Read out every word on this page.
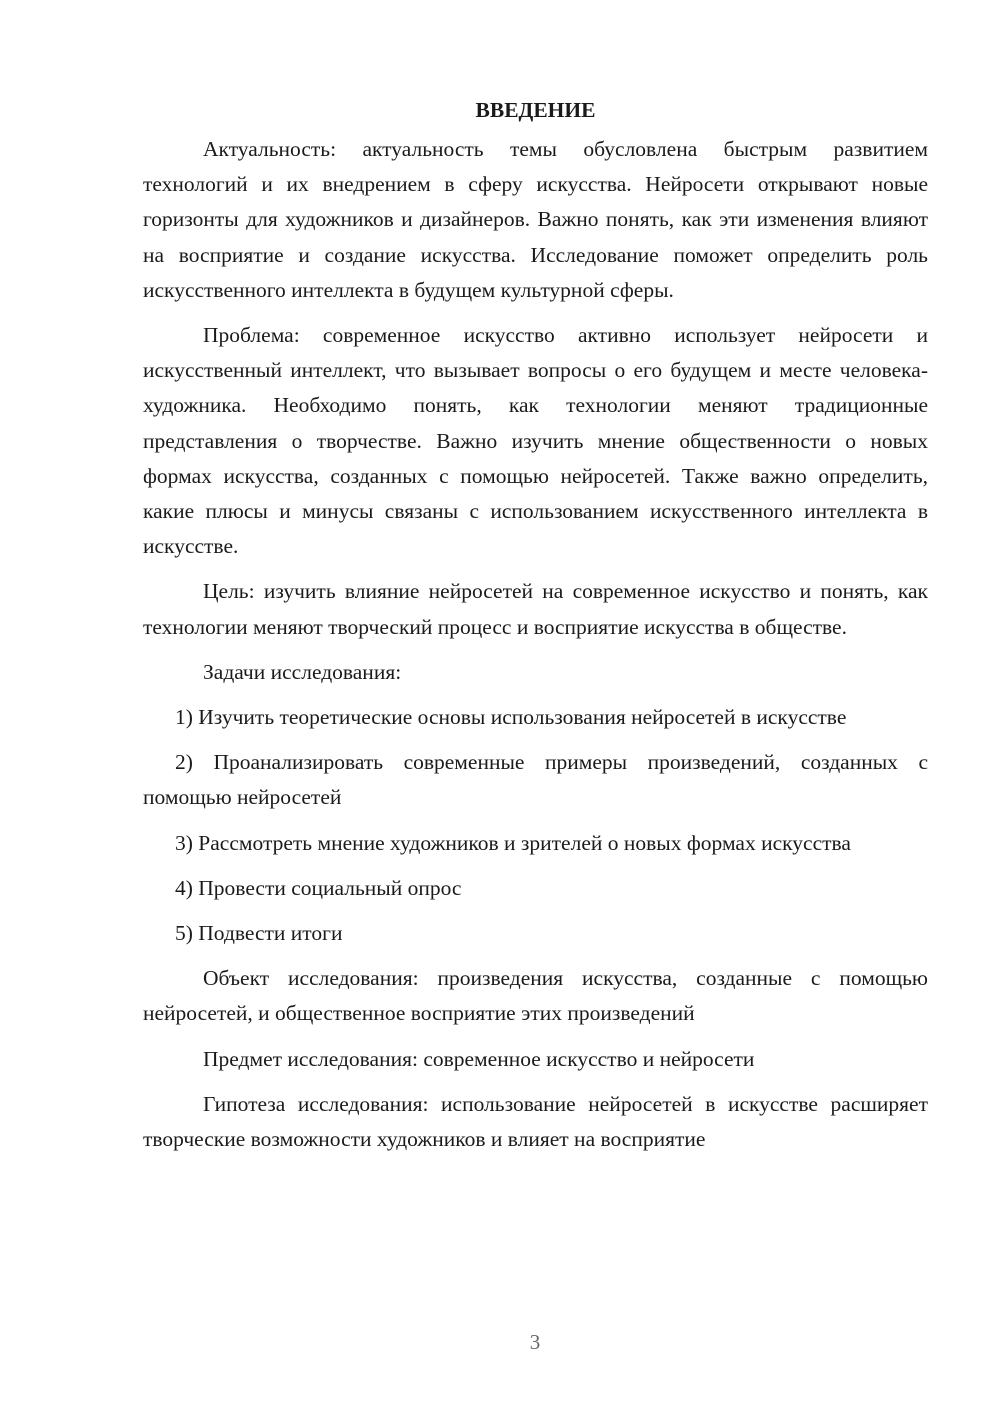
ВВЕДЕНИЕ

Актуальность: актуальность темы обусловлена быстрым развитием технологий и их внедрением в сферу искусства. Нейросети открывают новые горизонты для художников и дизайнеров. Важно понять, как эти изменения влияют на восприятие и создание искусства. Исследование поможет определить роль искусственного интеллекта в будущем культурной сферы.

Проблема: современное искусство активно использует нейросети и искусственный интеллект, что вызывает вопросы о его будущем и месте человека-художника. Необходимо понять, как технологии меняют традиционные представления о творчестве. Важно изучить мнение общественности о новых формах искусства, созданных с помощью нейросетей. Также важно определить, какие плюсы и минусы связаны с использованием искусственного интеллекта в искусстве.

Цель: изучить влияние нейросетей на современное искусство и понять, как технологии меняют творческий процесс и восприятие искусства в обществе.

Задачи исследования:

1) Изучить теоретические основы использования нейросетей в искусстве

2) Проанализировать современные примеры произведений, созданных с помощью нейросетей

3) Рассмотреть мнение художников и зрителей о новых формах искусства

4) Провести социальный опрос

5) Подвести итоги

Объект исследования: произведения искусства, созданные с помощью нейросетей, и общественное восприятие этих произведений

Предмет исследования: современное искусство и нейросети

Гипотеза исследования: использование нейросетей в искусстве расширяет творческие возможности художников и влияет на восприятие

3
